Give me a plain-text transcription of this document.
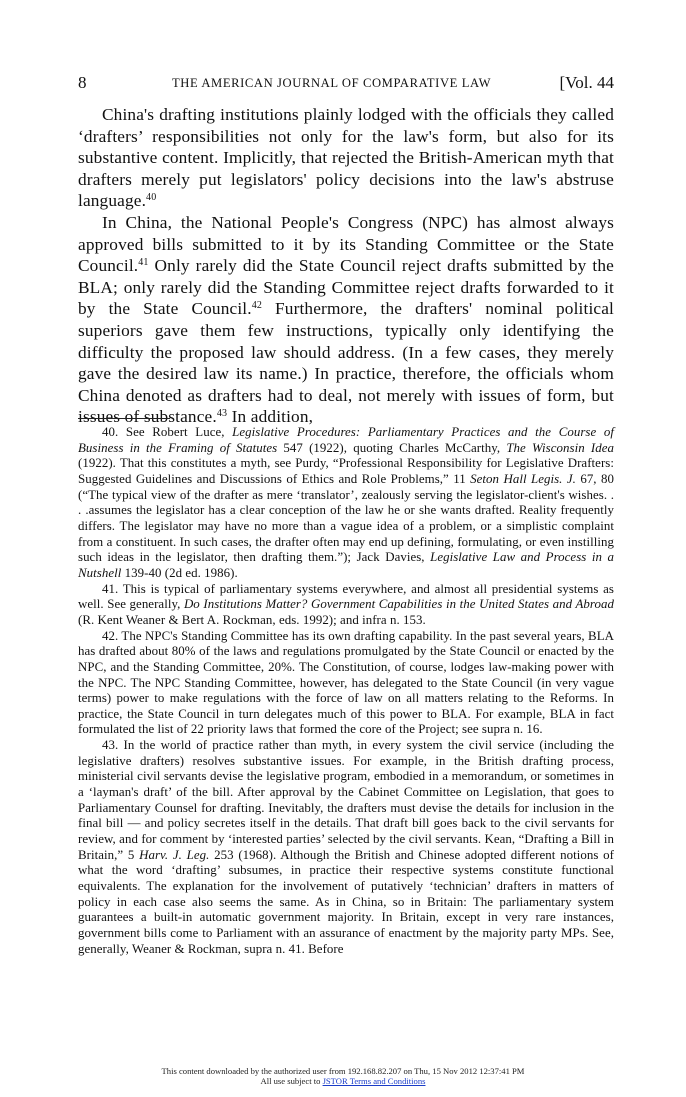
8	THE AMERICAN JOURNAL OF COMPARATIVE LAW	[Vol. 44

China's drafting institutions plainly lodged with the officials they called ‘drafters’ responsibilities not only for the law's form, but also for its substantive content. Implicitly, that rejected the British-American myth that drafters merely put legislators' policy decisions into the law's abstruse language.$^{40}$

In China, the National People's Congress (NPC) has almost always approved bills submitted to it by its Standing Committee or the State Council.$^{41}$ Only rarely did the State Council reject drafts submitted by the BLA; only rarely did the Standing Committee reject drafts forwarded to it by the State Council.$^{42}$ Furthermore, the drafters' nominal political superiors gave them few instructions, typically only identifying the difficulty the proposed law should address. (In a few cases, they merely gave the desired law its name.) In practice, therefore, the officials whom China denoted as drafters had to deal, not merely with issues of form, but issues of substance.$^{43}$ In addition,

40. See Robert Luce, Legislative Procedures: Parliamentary Practices and the Course of Business in the Framing of Statutes 547 (1922), quoting Charles McCarthy, The Wisconsin Idea (1922). That this constitutes a myth, see Purdy, “Professional Responsibility for Legislative Drafters: Suggested Guidelines and Discussions of Ethics and Role Problems,” 11 Seton Hall Legis. J. 67, 80 (“The typical view of the drafter as mere ‘translator’, zealously serving the legislator-client's wishes. . . .assumes the legislator has a clear conception of the law he or she wants drafted. Reality frequently differs. The legislator may have no more than a vague idea of a problem, or a simplistic complaint from a constituent. In such cases, the drafter often may end up defining, formulating, or even instilling such ideas in the legislator, then drafting them.”); Jack Davies, Legislative Law and Process in a Nutshell 139-40 (2d ed. 1986).

41. This is typical of parliamentary systems everywhere, and almost all presidential systems as well. See generally, Do Institutions Matter? Government Capabilities in the United States and Abroad (R. Kent Weaner & Bert A. Rockman, eds. 1992); and infra n. 153.

42. The NPC's Standing Committee has its own drafting capability. In the past several years, BLA has drafted about 80% of the laws and regulations promulgated by the State Council or enacted by the NPC, and the Standing Committee, 20%. The Constitution, of course, lodges law-making power with the NPC. The NPC Standing Committee, however, has delegated to the State Council (in very vague terms) power to make regulations with the force of law on all matters relating to the Reforms. In practice, the State Council in turn delegates much of this power to BLA. For example, BLA in fact formulated the list of 22 priority laws that formed the core of the Project; see supra n. 16.

43. In the world of practice rather than myth, in every system the civil service (including the legislative drafters) resolves substantive issues. For example, in the British drafting process, ministerial civil servants devise the legislative program, embodied in a memorandum, or sometimes in a ‘layman's draft’ of the bill. After approval by the Cabinet Committee on Legislation, that goes to Parliamentary Counsel for drafting. Inevitably, the drafters must devise the details for inclusion in the final bill — and policy secretes itself in the details. That draft bill goes back to the civil servants for review, and for comment by ‘interested parties’ selected by the civil servants. Kean, “Drafting a Bill in Britain,” 5 Harv. J. Leg. 253 (1968). Although the British and Chinese adopted different notions of what the word ‘drafting’ subsumes, in practice their respective systems constitute functional equivalents. The explanation for the involvement of putatively ‘technician’ drafters in matters of policy in each case also seems the same. As in China, so in Britain: The parliamentary system guarantees a built-in automatic government majority. In Britain, except in very rare instances, government bills come to Parliament with an assurance of enactment by the majority party MPs. See, generally, Weaner & Rockman, supra n. 41. Before

This content downloaded by the authorized user from 192.168.82.207 on Thu, 15 Nov 2012 12:37:41 PM
All use subject to JSTOR Terms and Conditions
